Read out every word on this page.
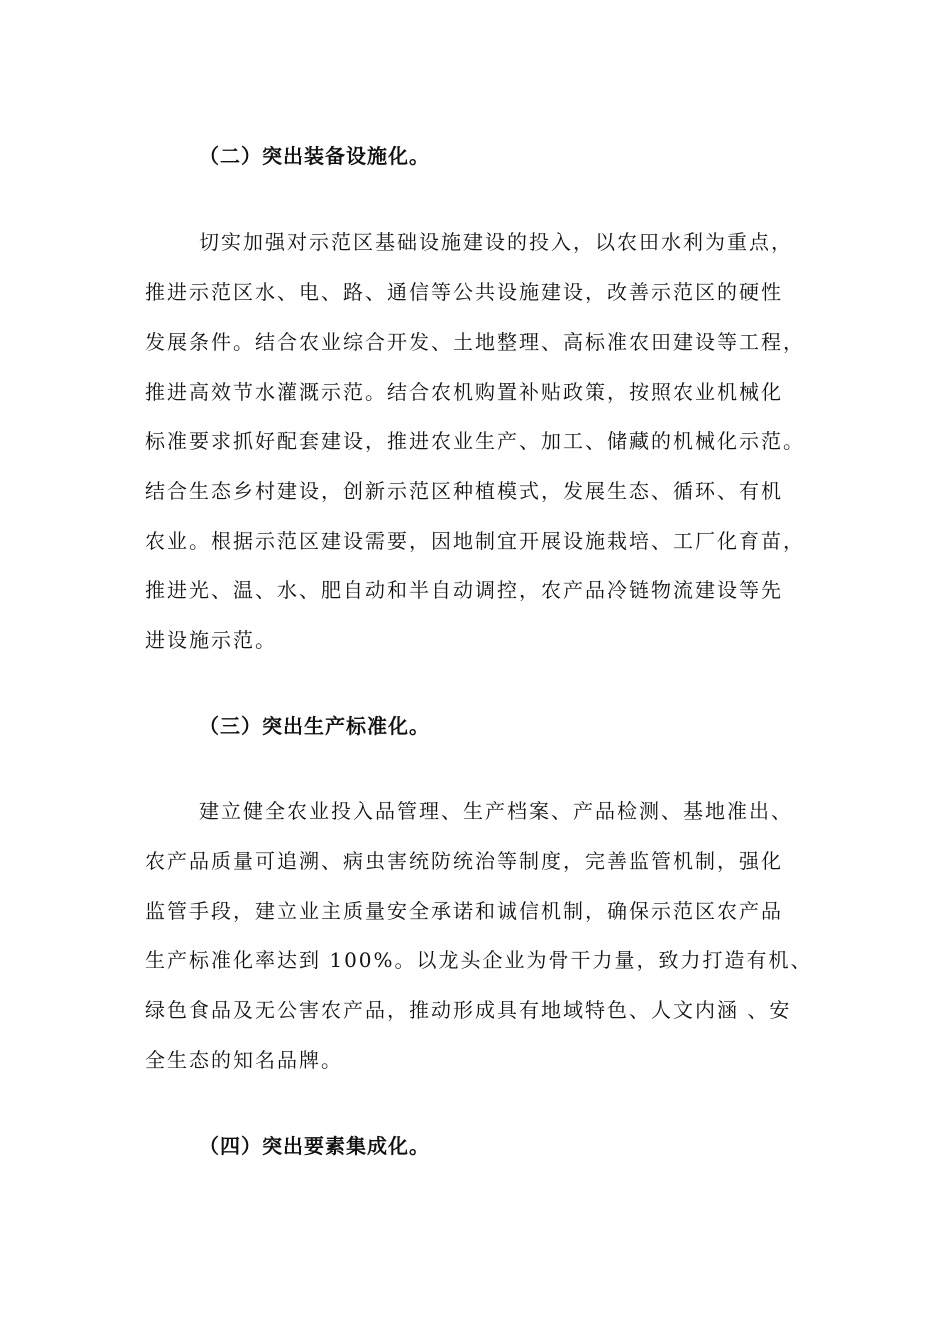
（二）突出装备设施化。
切实加强对示范区基础设施建设的投入，以农田水利为重点，
推进示范区水、电、路、通信等公共设施建设，改善示范区的硬性
发展条件。结合农业综合开发、土地整理、高标准农田建设等工程，
推进高效节水灌溉示范。结合农机购置补贴政策，按照农业机械化
标准要求抓好配套建设，推进农业生产、加工、储藏的机械化示范。
结合生态乡村建设，创新示范区种植模式，发展生态、循环、有机
农业。根据示范区建设需要，因地制宜开展设施栽培、工厂化育苗，
推进光、温、水、肥自动和半自动调控，农产品冷链物流建设等先
进设施示范。
（三）突出生产标准化。
建立健全农业投入品管理、生产档案、产品检测、基地准出、
农产品质量可追溯、病虫害统防统治等制度，完善监管机制，强化
监管手段，建立业主质量安全承诺和诚信机制，确保示范区农产品
生产标准化率达到 100%。以龙头企业为骨干力量，致力打造有机、
绿色食品及无公害农产品，推动形成具有地域特色、人文内涵 、安
全生态的知名品牌。
（四）突出要素集成化。
